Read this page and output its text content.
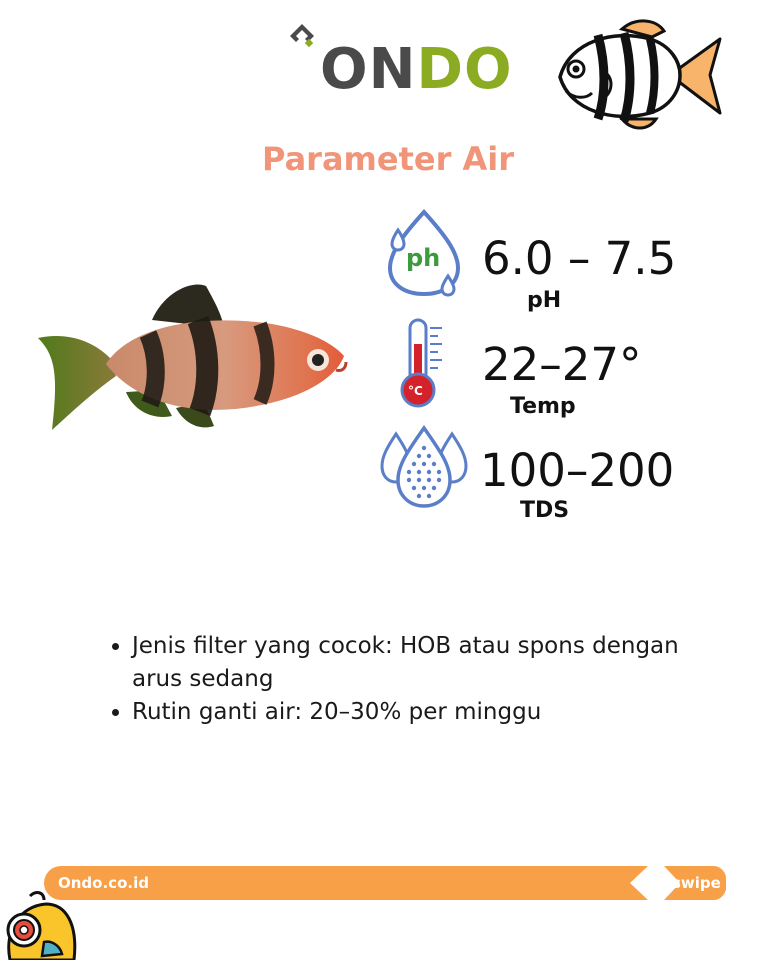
ONDO
Parameter Air
ph 6.0 – 7.5
pH
°C 22–27°
Temp
100–200
TDS
• Jenis filter yang cocok: HOB atau spons dengan arus sedang
• Rutin ganti air: 20–30% per minggu
Ondo.co.id	swipe
